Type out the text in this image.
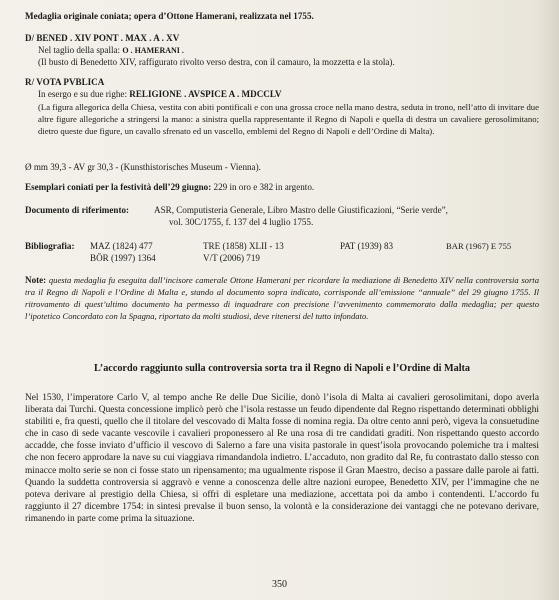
Medaglia originale coniata; opera d’Ottone Hamerani, realizzata nel 1755.

D/ BENED . XIV PONT . MAX . A . XV

Nel taglio della spalla: O . HAMERANI .

(Il busto di Benedetto XIV, raffigurato rivolto verso destra, con il camauro, la mozzetta e la stola).

R/ VOTA PVBLICA

In esergo e su due righe: RELIGIONE . AVSPICE A . MDCCLV

(La figura allegorica della Chiesa, vestita con abiti pontificali e con una grossa croce nella mano destra, seduta in trono, nell’atto di invitare due altre figure allegoriche a stringersi la mano: a sinistra quella rappresentante il Regno di Napoli e quella di destra un cavaliere gerosolimitano; dietro queste due figure, un cavallo sfrenato ed un vascello, emblemi del Regno di Napoli e dell’Ordine di Malta).

Ø mm 39,3 - AV gr 30,3 - (Kunsthistorisches Museum - Vienna).

Esemplari coniati per la festività dell’29 giugno: 229 in oro e 382 in argento.

Documento di riferimento:	ASR, Computisteria Generale, Libro Mastro delle Giustificazioni, “Serie verde”,
vol. 30C/1755, f. 137 del 4 luglio 1755.
Bibliografia: MAZ (1824) 477	TRE (1858) XLII - 13	PAT (1939) 83	BAR (1967) E 755
BÖR (1997) 1364	V/T (2006) 719

Note: questa medaglia fu eseguita dall’incisore camerale Ottone Hamerani per ricordare la mediazione di Benedetto XIV nella controversia sorta tra il Regno di Napoli e l’Ordine di Malta e, stando al documento sopra indicato, corrisponde all’emissione “annuale” del 29 giugno 1755. Il ritrovamento di quest’ultimo documento ha permesso di inquadrare con precisione l’avvenimento commemorato dalla medaglia; per questo l’ipotetico Concordato con la Spagna, riportato da molti studiosi, deve ritenersi del tutto infondato.

L’accordo raggiunto sulla controversia sorta tra il Regno di Napoli e l’Ordine di Malta

Nel 1530, l’imperatore Carlo V, al tempo anche Re delle Due Sicilie, donò l’isola di Malta ai cavalieri gerosolimitani, dopo averla liberata dai Turchi. Questa concessione implicò però che l’isola restasse un feudo dipendente dal Regno rispettando determinati obblighi stabiliti e, fra questi, quello che il titolare del vescovado di Malta fosse di nomina regia. Da oltre cento anni però, vigeva la consuetudine che in caso di sede vacante vescovile i cavalieri proponessero al Re una rosa di tre candidati graditi. Non rispettando questo accordo accadde, che fosse inviato d’ufficio il vescovo di Salerno a fare una visita pastorale in quest’isola provocando polemiche tra i maltesi che non fecero approdare la nave su cui viaggiava rimandandola indietro. L’accaduto, non gradito dal Re, fu contrastato dallo stesso con minacce molto serie se non ci fosse stato un ripensamento; ma ugualmente rispose il Gran Maestro, deciso a passare dalle parole ai fatti. Quando la suddetta controversia si aggravò e venne a conoscenza delle altre nazioni europee, Benedetto XIV, per l’immagine che ne poteva derivare al prestigio della Chiesa, si offrì di espletare una mediazione, accettata poi da ambo i contendenti. L’accordo fu raggiunto il 27 dicembre 1754: in sintesi prevalse il buon senso, la volontà e la considerazione dei vantaggi che ne potevano derivare, rimanendo in parte come prima la situazione.

350
